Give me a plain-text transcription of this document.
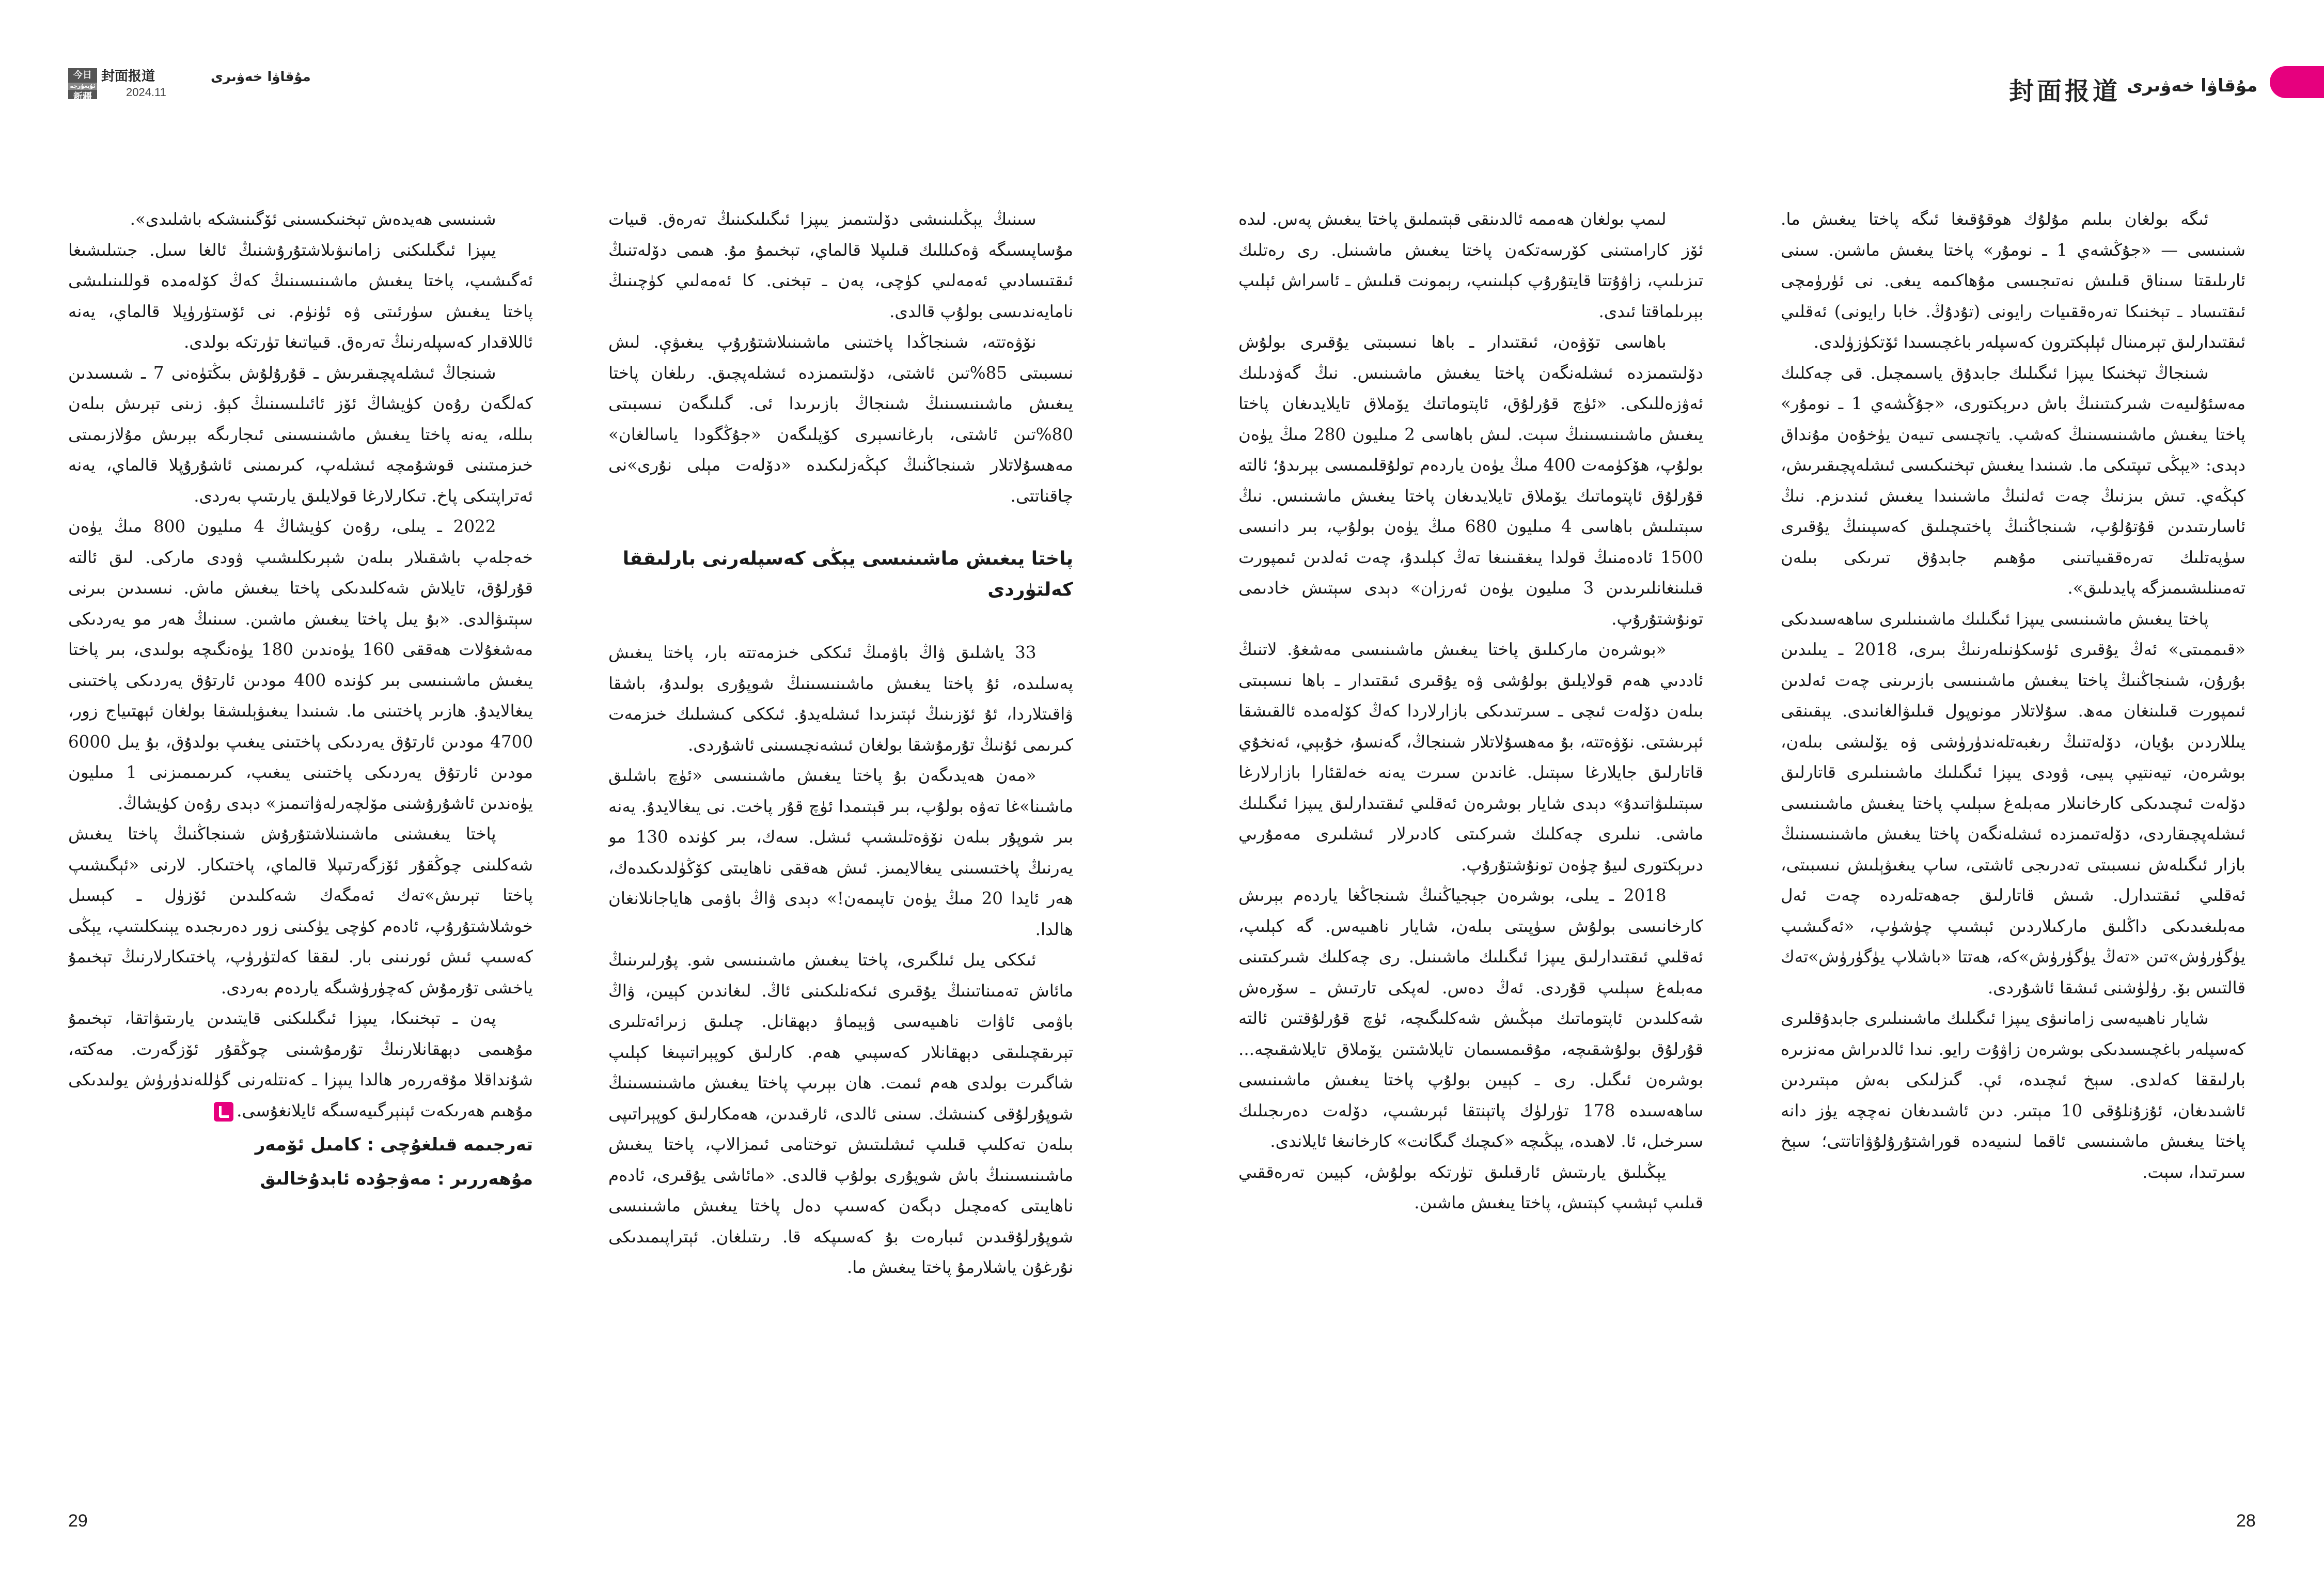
今日
ئۇيغۇرچە
新疆
封面报道
2024.11
مۇقاۋا خەۋىرى

شىنىسى ھەيدەش تېخنىكىسىنى ئۆگىنىشكە باشلىدى».

يىپزا ئىگىلىكنى زامانىۋىلاشتۇرۇشنىڭ ئالغا سىل. جىتىلىشىغا ئەگىشىپ، پاختا يىغىش ماشىنىسىنىڭ كەڭ كۆلەمدە قوللىنىلىشى پاختا يىغىش سۈرئىتى ۋە ئۈنۈم. نى ئۆستۈرۈپلا قالماي، يەنە ئاللاقدار كەسپلەرنىڭ تەرەق. قىياتىغا تۈرتكە بولدى.

شىنجاڭ ئىشلەپچىقىرىش ـ قۇرۇلۇش بىڭتۈەنى 7 ـ شىسىدىن كەلگەن رۇەن كۈيشاڭ ئۆز ئائىلىسىنىڭ كېۋ. زىنى تېرىش بىلەن بىللە، يەنە پاختا يىغىش ماشىنىسىنى ئىجارىگە بېرىش مۇلازىمىتى خىزمىتىنى قوشۇمچە ئىشلەپ، كىرىمىنى ئاشۇرۇپلا قالماي، يەنە ئەتراپتىكى پاخ. تىكارلارغا قولايلىق يارىتىپ بەردى.

2022 ـ يىلى، رۇەن كۈيشاڭ 4 مىليون 800 مىڭ يۈەن خەجلەپ باشقىلار بىلەن شېرىكلىشىپ ۋودى ماركى. لىق ئالتە قۇرلۇق، تايلاش شەكلىدىكى پاختا يىغىش ماش. نىسىدىن بىرنى سېتىۋالدى. «بۇ يىل پاختا يىغىش ماشىن. سىنىڭ ھەر مو يەردىكى مەشغۇلات ھەققى 160 يۈەندىن 180 يۈەنگىچە بولىدى، بىر پاختا يىغىش ماشىنىسى بىر كۈندە 400 مودىن ئارتۇق يەردىكى پاختىنى يىغالايدۇ. ھازىر پاختىنى ما. شىنىدا يىغىۋېلىشقا بولغان ئېھتىياج زور، 4700 مودىن ئارتۇق يەردىكى پاختىنى يىغىپ بولدۇق، بۇ يىل 6000 مودىن ئارتۇق يەردىكى پاختىنى يىغىپ، كىرىمىمىزنى 1 مىليون يۈەندىن ئاشۇرۇشنى مۆلچەرلەۋاتىمىز» دېدى رۇەن كۈيشاڭ.

پاختا يىغىشنى ماشىنىلاشتۇرۇش شىنجاڭنىڭ پاختا يىغىش شەكلىنى چوڭقۇر ئۆزگەرتىپلا قالماي، پاختىكار. لارنى «ئېگىشىپ پاختا تېرىش»تەك ئەمگەك شەكلىدىن ئۆزۈل ـ كېسىل خوشلاشتۇرۇپ، ئادەم كۈچى يۈكىنى زور دەرىجىدە يېنىكلىتىپ، يېڭى كەسىپ ئىش ئورنىنى بار. لىققا كەلتۈرۈپ، پاختىكارلارنىڭ تېخىمۇ ياخشى تۇرمۇش كەچۈرۈشىگە ياردەم بەردى.

پەن ـ تېخنىكا، يىپزا ئىگىلىكنى قايتىدىن يارىتىۋاتقا، تېخىمۇ مۇھىمى دېھقانلارنىڭ تۇرمۇشىنى چوڭقۇر ئۆزگەرت. مەكتە، شۇنداقلا مۇقەررەر ھالدا يىپزا ـ كەنتلەرنى گۈللەندۈرۈش يولىدىكى مۇھىم ھەرىكەت ئېنېرگىيەسىگە ئايلانغۇسى.

تەرجىمە قىلغۇچى : كامىل ئۆمەر
مۇھەررىر : مەۋجۇدە ئابدۇخالىق

سىنىڭ يېڭىلىنىشى دۆلىتىمىز يىپزا ئىگىلىكىنىڭ تەرەق. قىيات مۇساپىسىگە ۋەكىللىك قىلىپلا قالماي، تېخىمۇ مۇ. ھىمى دۆلەتنىڭ ئىقتىسادىي ئەمەلىي كۈچى، پەن ـ تېخنى. كا ئەمەلىي كۈچىنىڭ نامايەندىسى بولۇپ قالدى.

نۆۋەتتە، شىنجاڭدا پاختىنى ماشىنىلاشتۇرۇپ يىغىۋې. لىش نىسبىتى 85%تىن ئاشتى، دۆلىتىمىزدە ئىشلەپچىق. رىلغان پاختا يىغىش ماشىنىسىنىڭ شىنجاڭ بازىرىدا ئى. گىلىگەن نىسبىتى 80%تىن ئاشتى، بارغانسېرى كۆپلىگەن «جۇڭگودا ياسالغان» مەھسۇلاتلار شىنجاڭنىڭ كېڭەزلىكىدە «دۆلەت مېلى نۇرى»نى چاقناتتى.

پاختا يىغىش ماشىنىسى يېڭى كەسپلەرنى بارلىققا كەلتۈردى

33 ياشلىق ۋاڭ باۋمىڭ ئىككى خىزمەتتە بار، پاختا يىغىش پەسلىدە، ئۇ پاختا يىغىش ماشىنىسىنىڭ شوپۇرى بولىدۇ، باشقا ۋاقىتلاردا، ئۇ ئۆزىنىڭ ئېتىزىدا ئىشلەيدۇ. ئىككى كىشىلىك خىزمەت كىرىمى ئۇنىڭ تۇرمۇشقا بولغان ئىشەنچىسىنى ئاشۇردى.

«مەن ھەيدىگەن بۇ پاختا يىغىش ماشىنىسى «ئۈچ باشلىق ماشىنا»غا تەۋە بولۇپ، بىر قېتىمدا ئۈچ قۇر پاخت. نى يىغالايدۇ. يەنە بىر شوپۇر بىلەن نۆۋەتلىشىپ ئىشل. سەك، بىر كۈندە 130 مو يەرنىڭ پاختىسىنى يىغالايمىز. ئىش ھەققى ناھايىتى كۆڭۈلدىكىدەك، ھەر ئايدا 20 مىڭ يۈەن تاپىمەن!» دېدى ۋاڭ باۋمى ھاياجانلانغان ھالدا.

ئىككى يىل ئىلگىرى، پاختا يىغىش ماشىنىسى شو. پۇرلىرىنىڭ مائاش تەمىناتىنىڭ يۇقىرى ئىكەنلىكىنى ئاڭ. لىغاندىن كېيىن، ۋاڭ باۋمى ئاۋات ناھىيەسى ۋېيماۋ دېھقانل. چىلىق زىرائەتلىرى تېرىقچىلىقى دېھقانلار كەسپىي ھەم. كارلىق كوپېراتىپىغا كېلىپ شاگىرت بولدى ھەم ئىمت. ھان بېرىپ پاختا يىغىش ماشىنىسىنىڭ شوپۇرلۇقى كىنىشك. سىنى ئالدى، ئارقىدىن، ھەمكارلىق كوپېراتىپى بىلەن تەكلىپ قىلىپ ئىشلىتىش توختامى ئىمزالاپ، پاختا يىغىش ماشىنىسىنىڭ باش شوپۇرى بولۇپ قالدى. «مائاشى يۇقىرى، ئادەم ناھايىتى كەمچىل دېگەن كەسىپ دەل پاختا يىغىش ماشىنىسى شوپۇرلۇقىدىن ئىبارەت بۇ كەسىپكە قا. رىتىلغان. ئېتراپىمىدىكى نۇرغۇن ياشلارمۇ پاختا يىغىش ما.

29
封面报道 مۇقاۋا خەۋىرى

لىمپ بولغان ھەممە ئالدىنقى قېتىملىق پاختا يىغىش پەس. لىدە ئۆز كارامىتىنى كۆرسەتكەن پاختا يىغىش ماشىنىل. رى رەتلىك تىزىلىپ، زاۋۇتتا قايتۇرۇپ كېلىنىپ، رېمونت قىلىش ـ ئاسراش ئېلىپ بېرىلماقتا ئىدى.

باھاسى تۆۋەن، ئىقتىدار ـ باھا نىسبىتى يۇقىرى بولۇش دۆلىتىمىزدە ئىشلەنگەن پاختا يىغىش ماشىنىس. نىڭ گەۋدىلىك ئەۋزەللىكى. «ئۈچ قۇرلۇق، ئاپتوماتىك يۆملاق تايلايدىغان پاختا يىغىش ماشىنىسىنىڭ سېت. لىش باھاسى 2 مىليون 280 مىڭ يۈەن بولۇپ، ھۆكۈمەت 400 مىڭ يۈەن ياردەم تولۇقلىمىسى بېرىدۇ؛ ئالتە قۇرلۇق ئاپتوماتىك يۆملاق تايلايدىغان پاختا يىغىش ماشىنىس. نىڭ سېتىلىش باھاسى 4 مىليون 680 مىڭ يۈەن بولۇپ، بىر دانىسى 1500 ئادەمنىڭ قولدا يىغقىنىغا تەڭ كېلىدۇ، چەت ئەلدىن ئىمپورت قىلىنغانلىرىدىن 3 مىليون يۈەن ئەرزان» دېدى سېتىش خادىمى تونۇشتۇرۇپ.

«بوشرەن ماركىلىق پاختا يىغىش ماشىنىسى مەشغۇ. لاتنىڭ ئاددىي ھەم قولايلىق بولۇشى ۋە يۇقىرى ئىقتىدار ـ باھا نىسبىتى بىلەن دۆلەت ئىچى ـ سىرتىدىكى بازارلاردا كەڭ كۆلەمدە ئالقىشقا ئېرىشتى. نۆۋەتتە، بۇ مەھسۇلاتلار شىنجاڭ، گەنسۇ، خۇبېي، ئەنخۇي قاتارلىق جايلارغا سېتىل. غاندىن سىرت يەنە خەلقئارا بازارلارغا سېتىلىۋاتىدۇ» دېدى شايار بوشرەن ئەقلىي ئىقتىدارلىق يىپزا ئىگىلىك ماشى. نىلىرى چەكلىك شىركىتى كادىرلار ئىشلىرى مەمۇرىي دىرېكتورى لىيۇ چۈەن تونۇشتۇرۇپ.

2018 ـ يىلى، بوشرەن جېجياڭنىڭ شىنجاڭغا ياردەم بېرىش كارخانىسى بولۇش سۈپىتى بىلەن، شايار ناھىيەس. گە كېلىپ، ئەقلىي ئىقتىدارلىق يىپزا ئىگىلىك ماشىنىل. رى چەكلىك شىركىتىنى مەبلەغ سېلىپ قۇردى. ئەڭ دەس. لەپكى تارتىش ـ سۆرەش شەكلىدىن ئاپتوماتىك مېڭىش شەكلىگىچە، ئۈچ قۇرلۇقتىن ئالتە قۇرلۇق بولۇشقىچە، مۇقىمسىمان تايلاشتىن يۆملاق تايلاشقىچە... بوشرەن ئىگىل. رى ـ كېيىن بولۇپ پاختا يىغىش ماشىنىسى ساھەسىدە 178 تۈرلۈك پاتېنتقا ئېرىشىپ، دۆلەت دەرىجىلىك سىرخىل، ئا. لاھىدە، يېڭىچە «كىچىك گىگانت» كارخانىغا ئايلاندى.

يېڭىلىق يارىتىش ئارقىلىق تۈرتكە بولۇش، كېيىن تەرەققىي قىلىپ ئېشىپ كېتىش، پاختا يىغىش ماشىن.

ئىگە بولغان بىلىم مۇلۇك ھوقۇقىغا ئىگە پاختا يىغىش ما. شىنىسى — «جۇڭشەي 1 ـ نومۇر» پاختا يىغىش ماشىن. سىنى ئارىلىقتا سىناق قىلىش نەتىجىسى مۇھاكىمە يىغى. نى ئۈرۈمچى ئىقتىساد ـ تېخنىكا تەرەققىيات رايونى (تۇدۇڭ. خابا رايونى) ئەقلىي ئىقتىدارلىق تېرمىنال ئېلېكترون كەسپلەر باغچىسىدا ئۆتكۈزۈلدى.

شىنجاڭ تېخنىكا يىپزا ئىگىلىك جابدۇق ياسىمچىل. قى چەكلىك مەسئۇلىيەت شىركىتىنىڭ باش دىرېكتورى، «جۇڭشەي 1 ـ نومۇر» پاختا يىغىش ماشىنىسىنىڭ كەشپ. ياتچىسى تىيەن يۈخۇەن مۇنداق دېدى: «يېڭى تىپتىكى ما. شىنىدا يىغىش تېخنىكىسى ئىشلەپچىقىرىش، كېڭەي. تىش بىزنىڭ چەت ئەلنىڭ ماشىنىدا يىغىش ئىندىزم. نىڭ ئاسارىتىدىن قۇتۇلۇپ، شىنجاڭنىڭ پاختىچىلىق كەسپىنىڭ يۇقىرى سۈپەتلىك تەرەققىياتىنى مۇھىم جابدۇق تىرىكى بىلەن تەمىنلىشىمىزگە پايدىلىق».

پاختا يىغىش ماشىنىسى يىپزا ئىگىلىك ماشىنىلىرى ساھەسىدىكى «قىممىتى» ئەڭ يۇقىرى ئۈسكۈنىلەرنىڭ بىرى، 2018 ـ يىلىدىن بۇرۇن، شىنجاڭنىڭ پاختا يىغىش ماشىنىسى بازىرىنى چەت ئەلدىن ئىمپورت قىلىنغان مەھ. سۇلاتلار مونوپول قىلىۋالغانىدى. يېقىنقى يىللاردىن بۇيان، دۆلەتنىڭ رىغبەتلەندۈرۈشى ۋە يۆلىشى بىلەن، بوشرەن، تيەنتيې پىيى، ۋودى يىپزا ئىگىلىك ماشىنىلىرى قاتارلىق دۆلەت ئىچىدىكى كارخانىلار مەبلەغ سېلىپ پاختا يىغىش ماشىنىسى ئىشلەپچىقاردى، دۆلەتىمىزدە ئىشلەنگەن پاختا يىغىش ماشىنىسىنىڭ بازار ئىگىلەش نىسبىتى تەدرىجى ئاشتى، ساپ يىغىۋېلىش نىسبىتى، ئەقلىي ئىقتىدارل. شىش قاتارلىق جەھەتلەردە چەت ئەل مەبلىغىدىكى داڭلىق ماركىلاردىن ئېشىپ چۈشۈپ، «ئەگىشىپ يۈگۈرۈش»تىن «تەڭ يۈگۈرۈش»كە، ھەتتا «باشلاپ يۈگۈرۈش»تەك قالتىس بۆ. رۈلۈشنى ئىشقا ئاشۇردى.

شايار ناھىيەسى زامانىۋى يىپزا ئىگىلىك ماشىنىلىرى جابدۇقلىرى كەسپلەر باغچىسىدىكى بوشرەن زاۋۇت رايو. نىدا ئالدىراش مەنزىرە بارلىققا كەلدى. سېخ ئىچىدە، ئې. گىزلىكى بەش مېتىردىن ئاشىدىغان، ئۇزۇنلۇقى 10 مېتىر. دىن ئاشىدىغان نەچچە يۈز دانە پاختا يىغىش ماشىنىسى ئاقما لىنىيەدە قوراشتۇرۇلۇۋاتاتتى؛ سېخ سىرتىدا، سېت.

28
